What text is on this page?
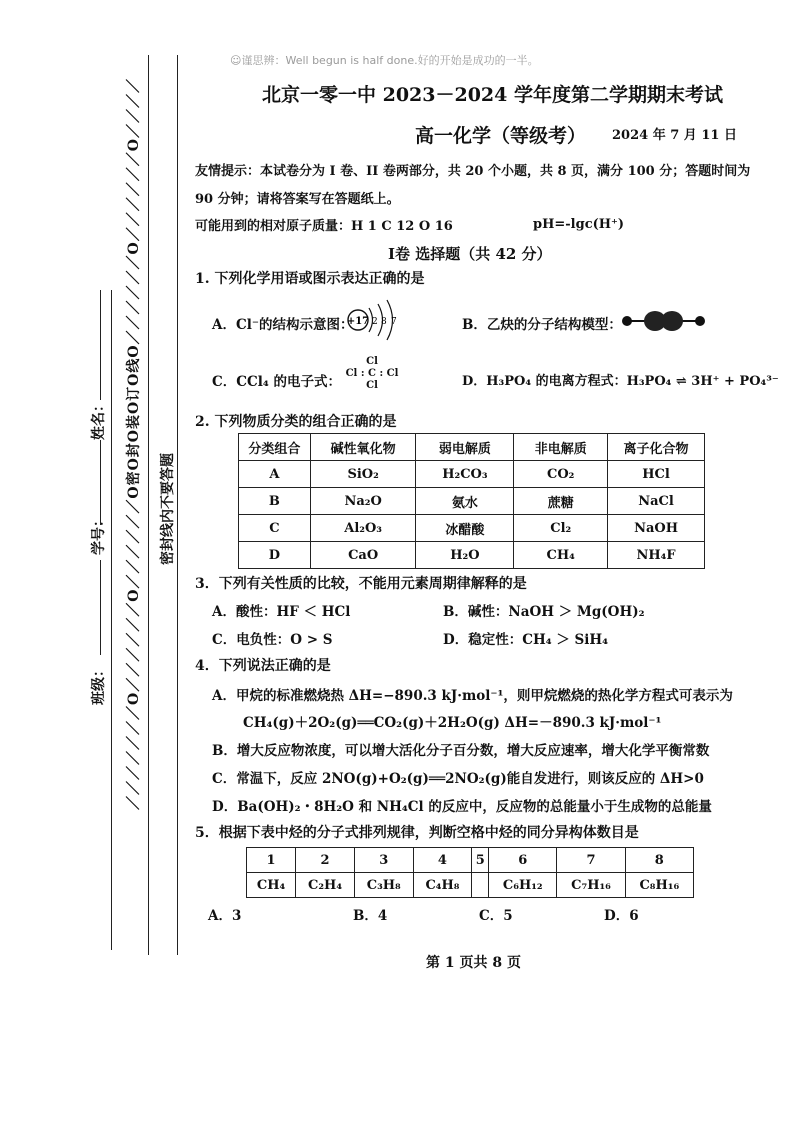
☺谨思辨：Well begun is half done.好的开始是成功的一半。
／／／／／／／O／／／／／／O／／／／／／O密O封O装O订O线O／／／／／／O／／／／／／O／／／／ 密封线内不要答题
班级：
学号：
姓名：
北京一零一中 2023－2024 学年度第二学期期末考试
高一化学（等级考） 2024 年 7 月 11 日
友情提示：本试卷分为 I 卷、II 卷两部分，共 20 个小题，共 8 页，满分 100 分；答题时间为
90 分钟；请将答案写在答题纸上。
可能用到的相对原子质量：H 1 C 12 O 16	pH=-lgc(H⁺)
I卷 选择题（共 42 分）
1. 下列化学用语或图示表达正确的是
A．Cl⁻的结构示意图：
+17 2 8 7	B．乙炔的分子结构模型：
C．CCl₄ 的电子式：
Cl
Cl : C : Cl
Cl	D．H₃PO₄ 的电离方程式：H₃PO₄ ⇌ 3H⁺ + PO₄³⁻
2. 下列物质分类的组合正确的是
分类组合	碱性氧化物	弱电解质	非电解质	离子化合物
A	SiO₂	H₂CO₃	CO₂	HCl
B	Na₂O	氨水	蔗糖	NaCl
C	Al₂O₃	冰醋酸	Cl₂	NaOH
D	CaO	H₂O	CH₄	NH₄F
3．下列有关性质的比较，不能用元素周期律解释的是
A．酸性：HF ＜ HCl	B．碱性：NaOH ＞ Mg(OH)₂
C．电负性：O > S	D．稳定性：CH₄ ＞ SiH₄
4．下列说法正确的是
A．甲烷的标准燃烧热 ΔH=−890.3 kJ·mol⁻¹，则甲烷燃烧的热化学方程式可表示为
CH₄(g)＋2O₂(g)══CO₂(g)＋2H₂O(g) ΔH=－890.3 kJ·mol⁻¹
B．增大反应物浓度，可以增大活化分子百分数，增大反应速率，增大化学平衡常数
C．常温下，反应 2NO(g)+O₂(g)══2NO₂(g)能自发进行，则该反应的 ΔH>0
D．Ba(OH)₂・8H₂O 和 NH₄Cl 的反应中，反应物的总能量小于生成物的总能量
5．根据下表中烃的分子式排列规律，判断空格中烃的同分异构体数目是
1	2	3	4	5	6	7	8
CH₄	C₂H₄	C₃H₈	C₄H₈		C₆H₁₂	C₇H₁₆	C₈H₁₆
A．3	B．4	C．5	D．6
第 1 页共 8 页
